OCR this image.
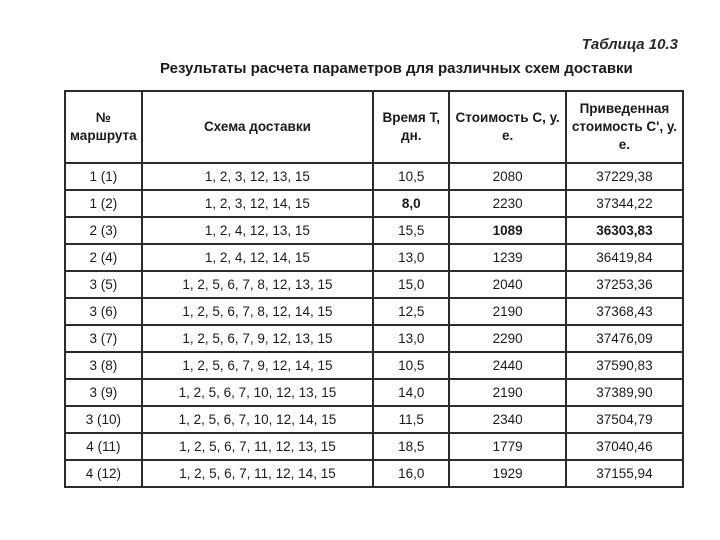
Таблица 10.3
Результаты расчета параметров для различных схем доставки
№ маршрута	Схема доставки	Время T, дн.	Стоимость C, у. е.	Приведенная стоимость C', у. е.
1 (1)	1, 2, 3, 12, 13, 15	10,5	2080	37229,38
1 (2)	1, 2, 3, 12, 14, 15	8,0	2230	37344,22
2 (3)	1, 2, 4, 12, 13, 15	15,5	1089	36303,83
2 (4)	1, 2, 4, 12, 14, 15	13,0	1239	36419,84
3 (5)	1, 2, 5, 6, 7, 8, 12, 13, 15	15,0	2040	37253,36
3 (6)	1, 2, 5, 6, 7, 8, 12, 14, 15	12,5	2190	37368,43
3 (7)	1, 2, 5, 6, 7, 9, 12, 13, 15	13,0	2290	37476,09
3 (8)	1, 2, 5, 6, 7, 9, 12, 14, 15	10,5	2440	37590,83
3 (9)	1, 2, 5, 6, 7, 10, 12, 13, 15	14,0	2190	37389,90
3 (10)	1, 2, 5, 6, 7, 10, 12, 14, 15	11,5	2340	37504,79
4 (11)	1, 2, 5, 6, 7, 11, 12, 13, 15	18,5	1779	37040,46
4 (12)	1, 2, 5, 6, 7, 11, 12, 14, 15	16,0	1929	37155,94
